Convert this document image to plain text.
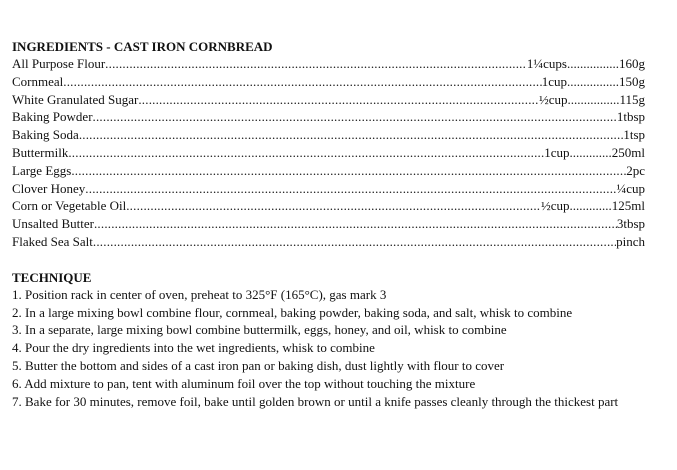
INGREDIENTS - CAST IRON CORNBREAD
All Purpose Flour .....	1¼cups ................ 160g
Cornmeal .....	1cup ................ 150g
White Granulated Sugar .....	½cup ................ 115g
Baking Powder .....	1tbsp
Baking Soda .....	1tsp
Buttermilk .....	1cup ............. 250ml
Large Eggs .....	2pc
Clover Honey .....	¼cup
Corn or Vegetable Oil .....	½cup ............. 125ml
Unsalted Butter .....	3tbsp
Flaked Sea Salt .....	pinch
TECHNIQUE
1. Position rack in center of oven, preheat to 325°F (165°C), gas mark 3
2. In a large mixing bowl combine flour, cornmeal, baking powder, baking soda, and salt, whisk to combine
3. In a separate, large mixing bowl combine buttermilk, eggs, honey, and oil, whisk to combine
4. Pour the dry ingredients into the wet ingredients, whisk to combine
5. Butter the bottom and sides of a cast iron pan or baking dish, dust lightly with flour to cover
6. Add mixture to pan, tent with aluminum foil over the top without touching the mixture
7. Bake for 30 minutes, remove foil, bake until golden brown or until a knife passes cleanly through the thickest part
